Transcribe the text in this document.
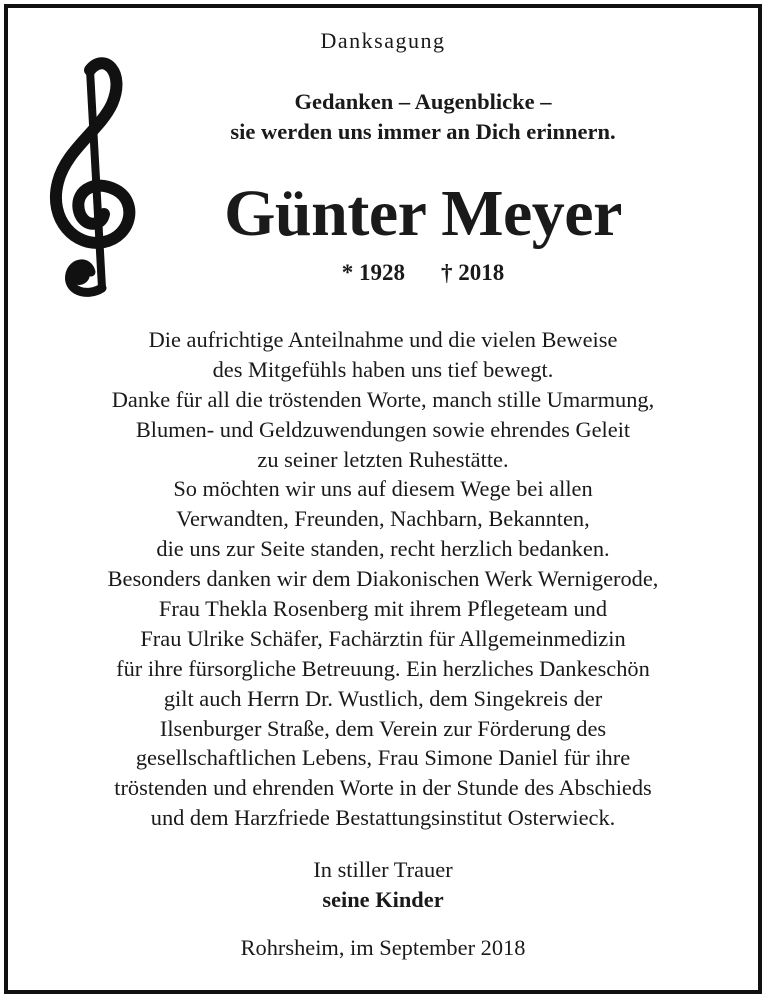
Danksagung
Gedanken – Augenblicke –
sie werden uns immer an Dich erinnern.
Günter Meyer
* 1928 † 2018
Die aufrichtige Anteilnahme und die vielen Beweise
des Mitgefühls haben uns tief bewegt.
Danke für all die tröstenden Worte, manch stille Umarmung,
Blumen- und Geldzuwendungen sowie ehrendes Geleit
zu seiner letzten Ruhestätte.
So möchten wir uns auf diesem Wege bei allen
Verwandten, Freunden, Nachbarn, Bekannten,
die uns zur Seite standen, recht herzlich bedanken.
Besonders danken wir dem Diakonischen Werk Wernigerode,
Frau Thekla Rosenberg mit ihrem Pflegeteam und
Frau Ulrike Schäfer, Fachärztin für Allgemeinmedizin
für ihre fürsorgliche Betreuung. Ein herzliches Dankeschön
gilt auch Herrn Dr. Wustlich, dem Singekreis der
Ilsenburger Straße, dem Verein zur Förderung des
gesellschaftlichen Lebens, Frau Simone Daniel für ihre
tröstenden und ehrenden Worte in der Stunde des Abschieds
und dem Harzfriede Bestattungsinstitut Osterwieck.
In stiller Trauer
seine Kinder
Rohrsheim, im September 2018
